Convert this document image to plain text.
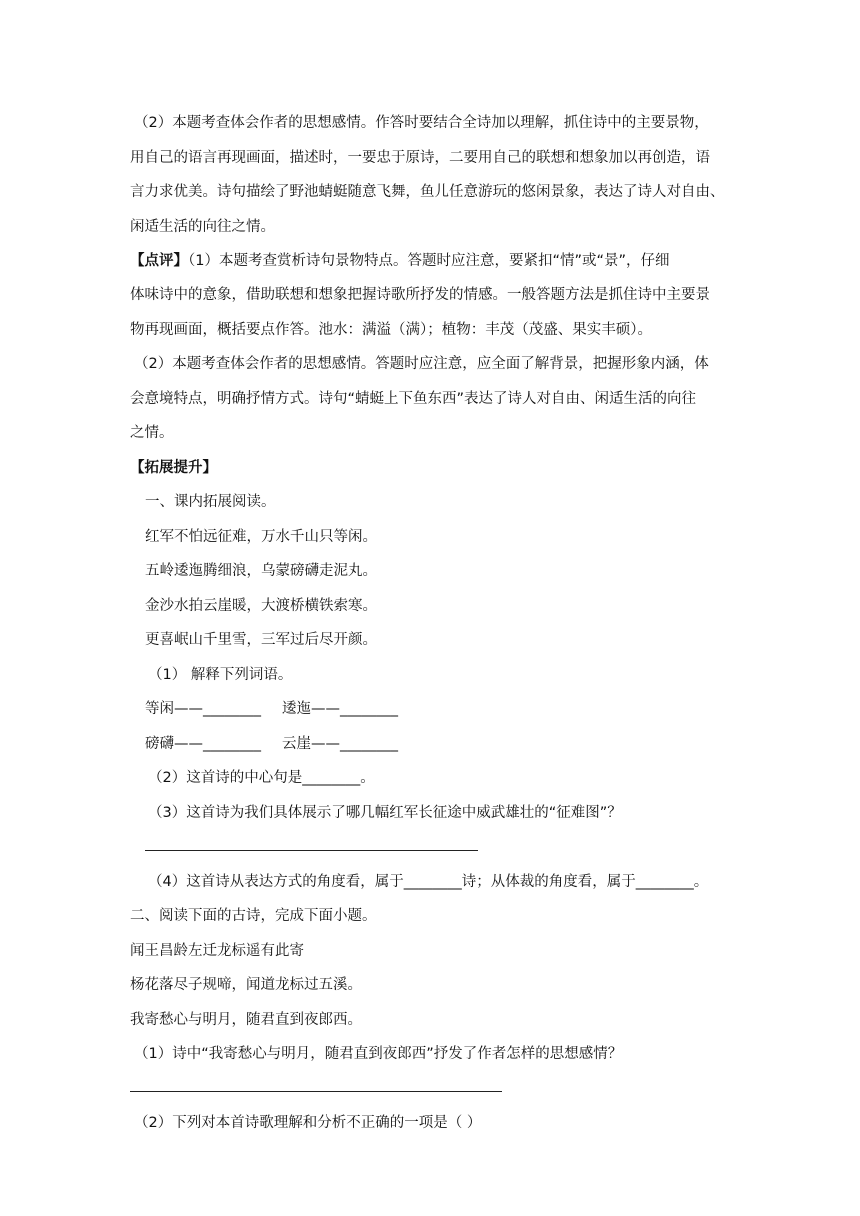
（2）本题考查体会作者的思想感情。作答时要结合全诗加以理解，抓住诗中的主要景物，
用自己的语言再现画面，描述时，一要忠于原诗，二要用自己的联想和想象加以再创造，语
言力求优美。诗句描绘了野池蜻蜓随意飞舞，鱼儿任意游玩的悠闲景象，表达了诗人对自由、
闲适生活的向往之情。
【点评】（1）本题考查赏析诗句景物特点。答题时应注意，要紧扣“情”或“景”，仔细
体味诗中的意象，借助联想和想象把握诗歌所抒发的情感。一般答题方法是抓住诗中主要景
物再现画面，概括要点作答。池水：满溢（满）；植物：丰茂（茂盛、果实丰硕）。
（2）本题考查体会作者的思想感情。答题时应注意，应全面了解背景，把握形象内涵，体
会意境特点，明确抒情方式。诗句“蜻蜓上下鱼东西”表达了诗人对自由、闲适生活的向往
之情。
【拓展提升】
一、课内拓展阅读。
红军不怕远征难，万水千山只等闲。
五岭逶迤腾细浪，乌蒙磅礴走泥丸。
金沙水拍云崖暖，大渡桥横铁索寒。
更喜岷山千里雪，三军过后尽开颜。
（1） 解释下列词语。
等闲——________ 逶迤——________
磅礴——________ 云崖——________
（2）这首诗的中心句是________。
（3）这首诗为我们具体展示了哪几幅红军长征途中威武雄壮的“征难图”？
（4）这首诗从表达方式的角度看，属于________诗；从体裁的角度看，属于________。
二、阅读下面的古诗，完成下面小题。
闻王昌龄左迁龙标遥有此寄
杨花落尽子规啼，闻道龙标过五溪。
我寄愁心与明月，随君直到夜郎西。
（1）诗中“我寄愁心与明月，随君直到夜郎西”抒发了作者怎样的思想感情？
（2）下列对本首诗歌理解和分析不正确的一项是（ ）
